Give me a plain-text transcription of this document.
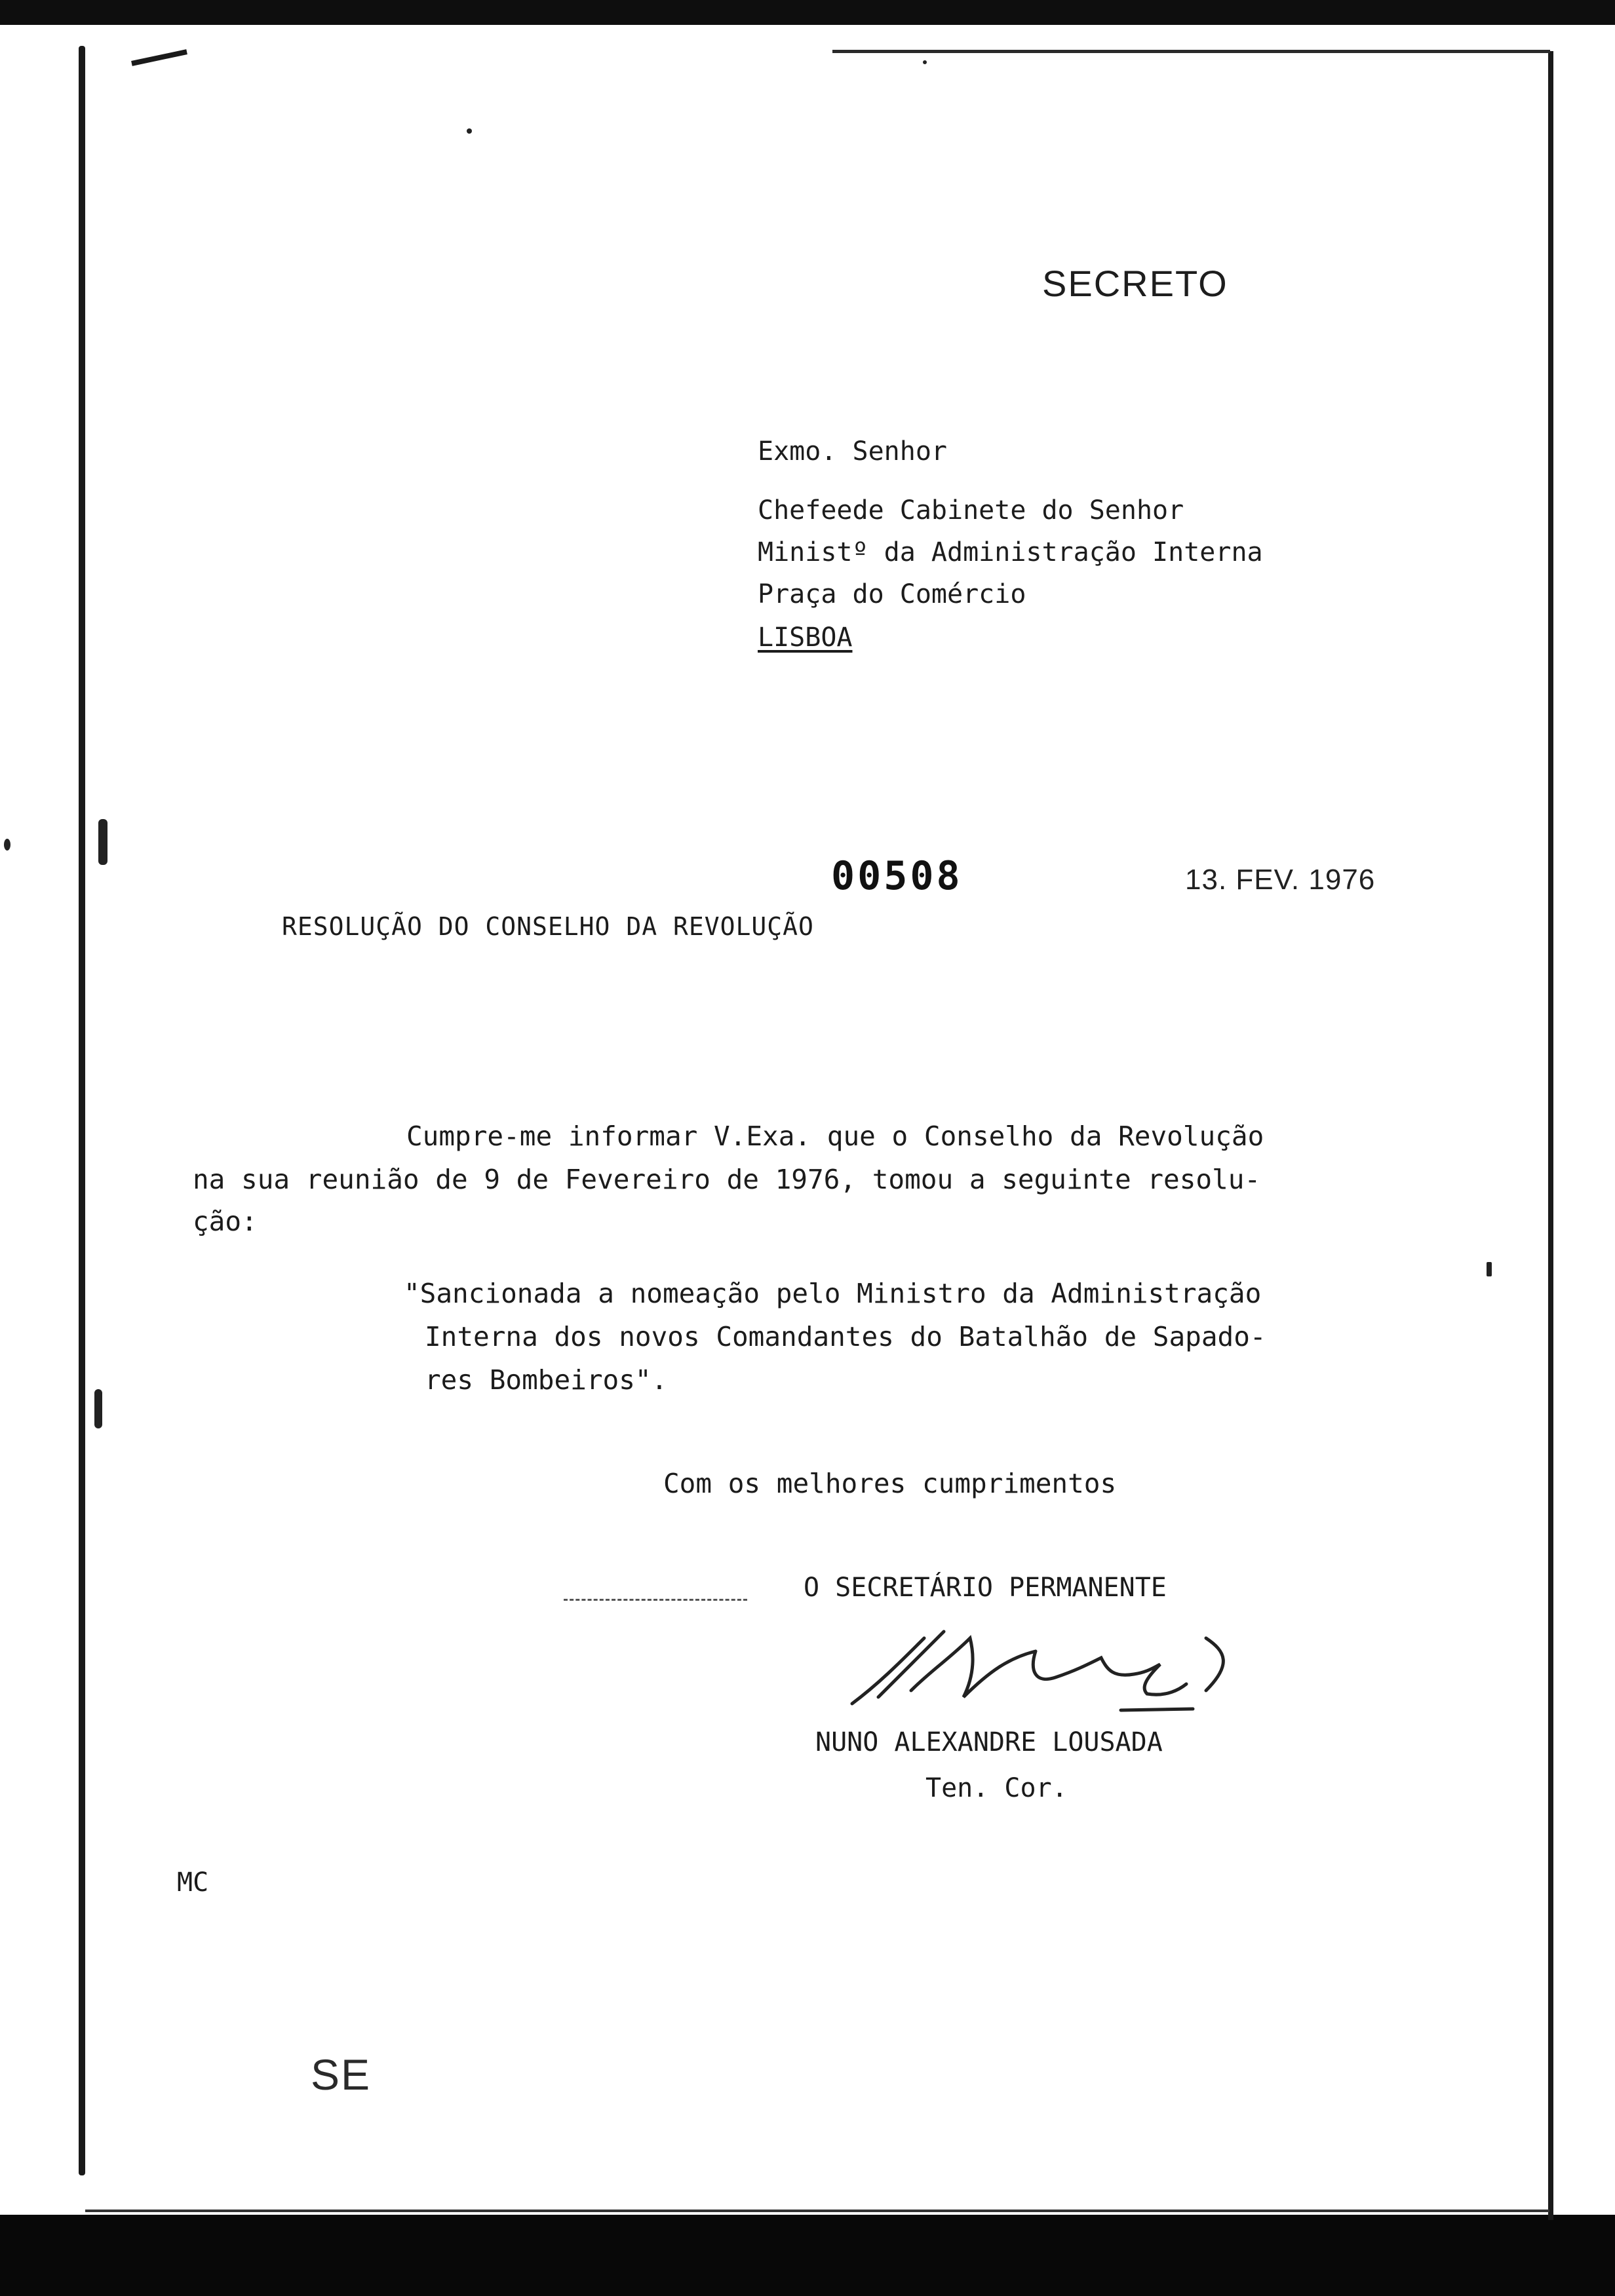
SECRETO
Exmo. Senhor
Chefeede Cabinete do Senhor
Ministº da Administração Interna
Praça do Comércio
LISBOA
00508	13. FEV. 1976
RESOLUÇÃO DO CONSELHO DA REVOLUÇÃO
Cumpre-me informar V.Exa. que o Conselho da Revolução
na sua reunião de 9 de Fevereiro de 1976, tomou a seguinte resolu-
ção:
"Sancionada a nomeação pelo Ministro da Administração
Interna dos novos Comandantes do Batalhão de Sapado-
res Bombeiros".
Com os melhores cumprimentos
O SECRETÁRIO PERMANENTE
NUNO ALEXANDRE LOUSADA
Ten. Cor.
MC
SE
